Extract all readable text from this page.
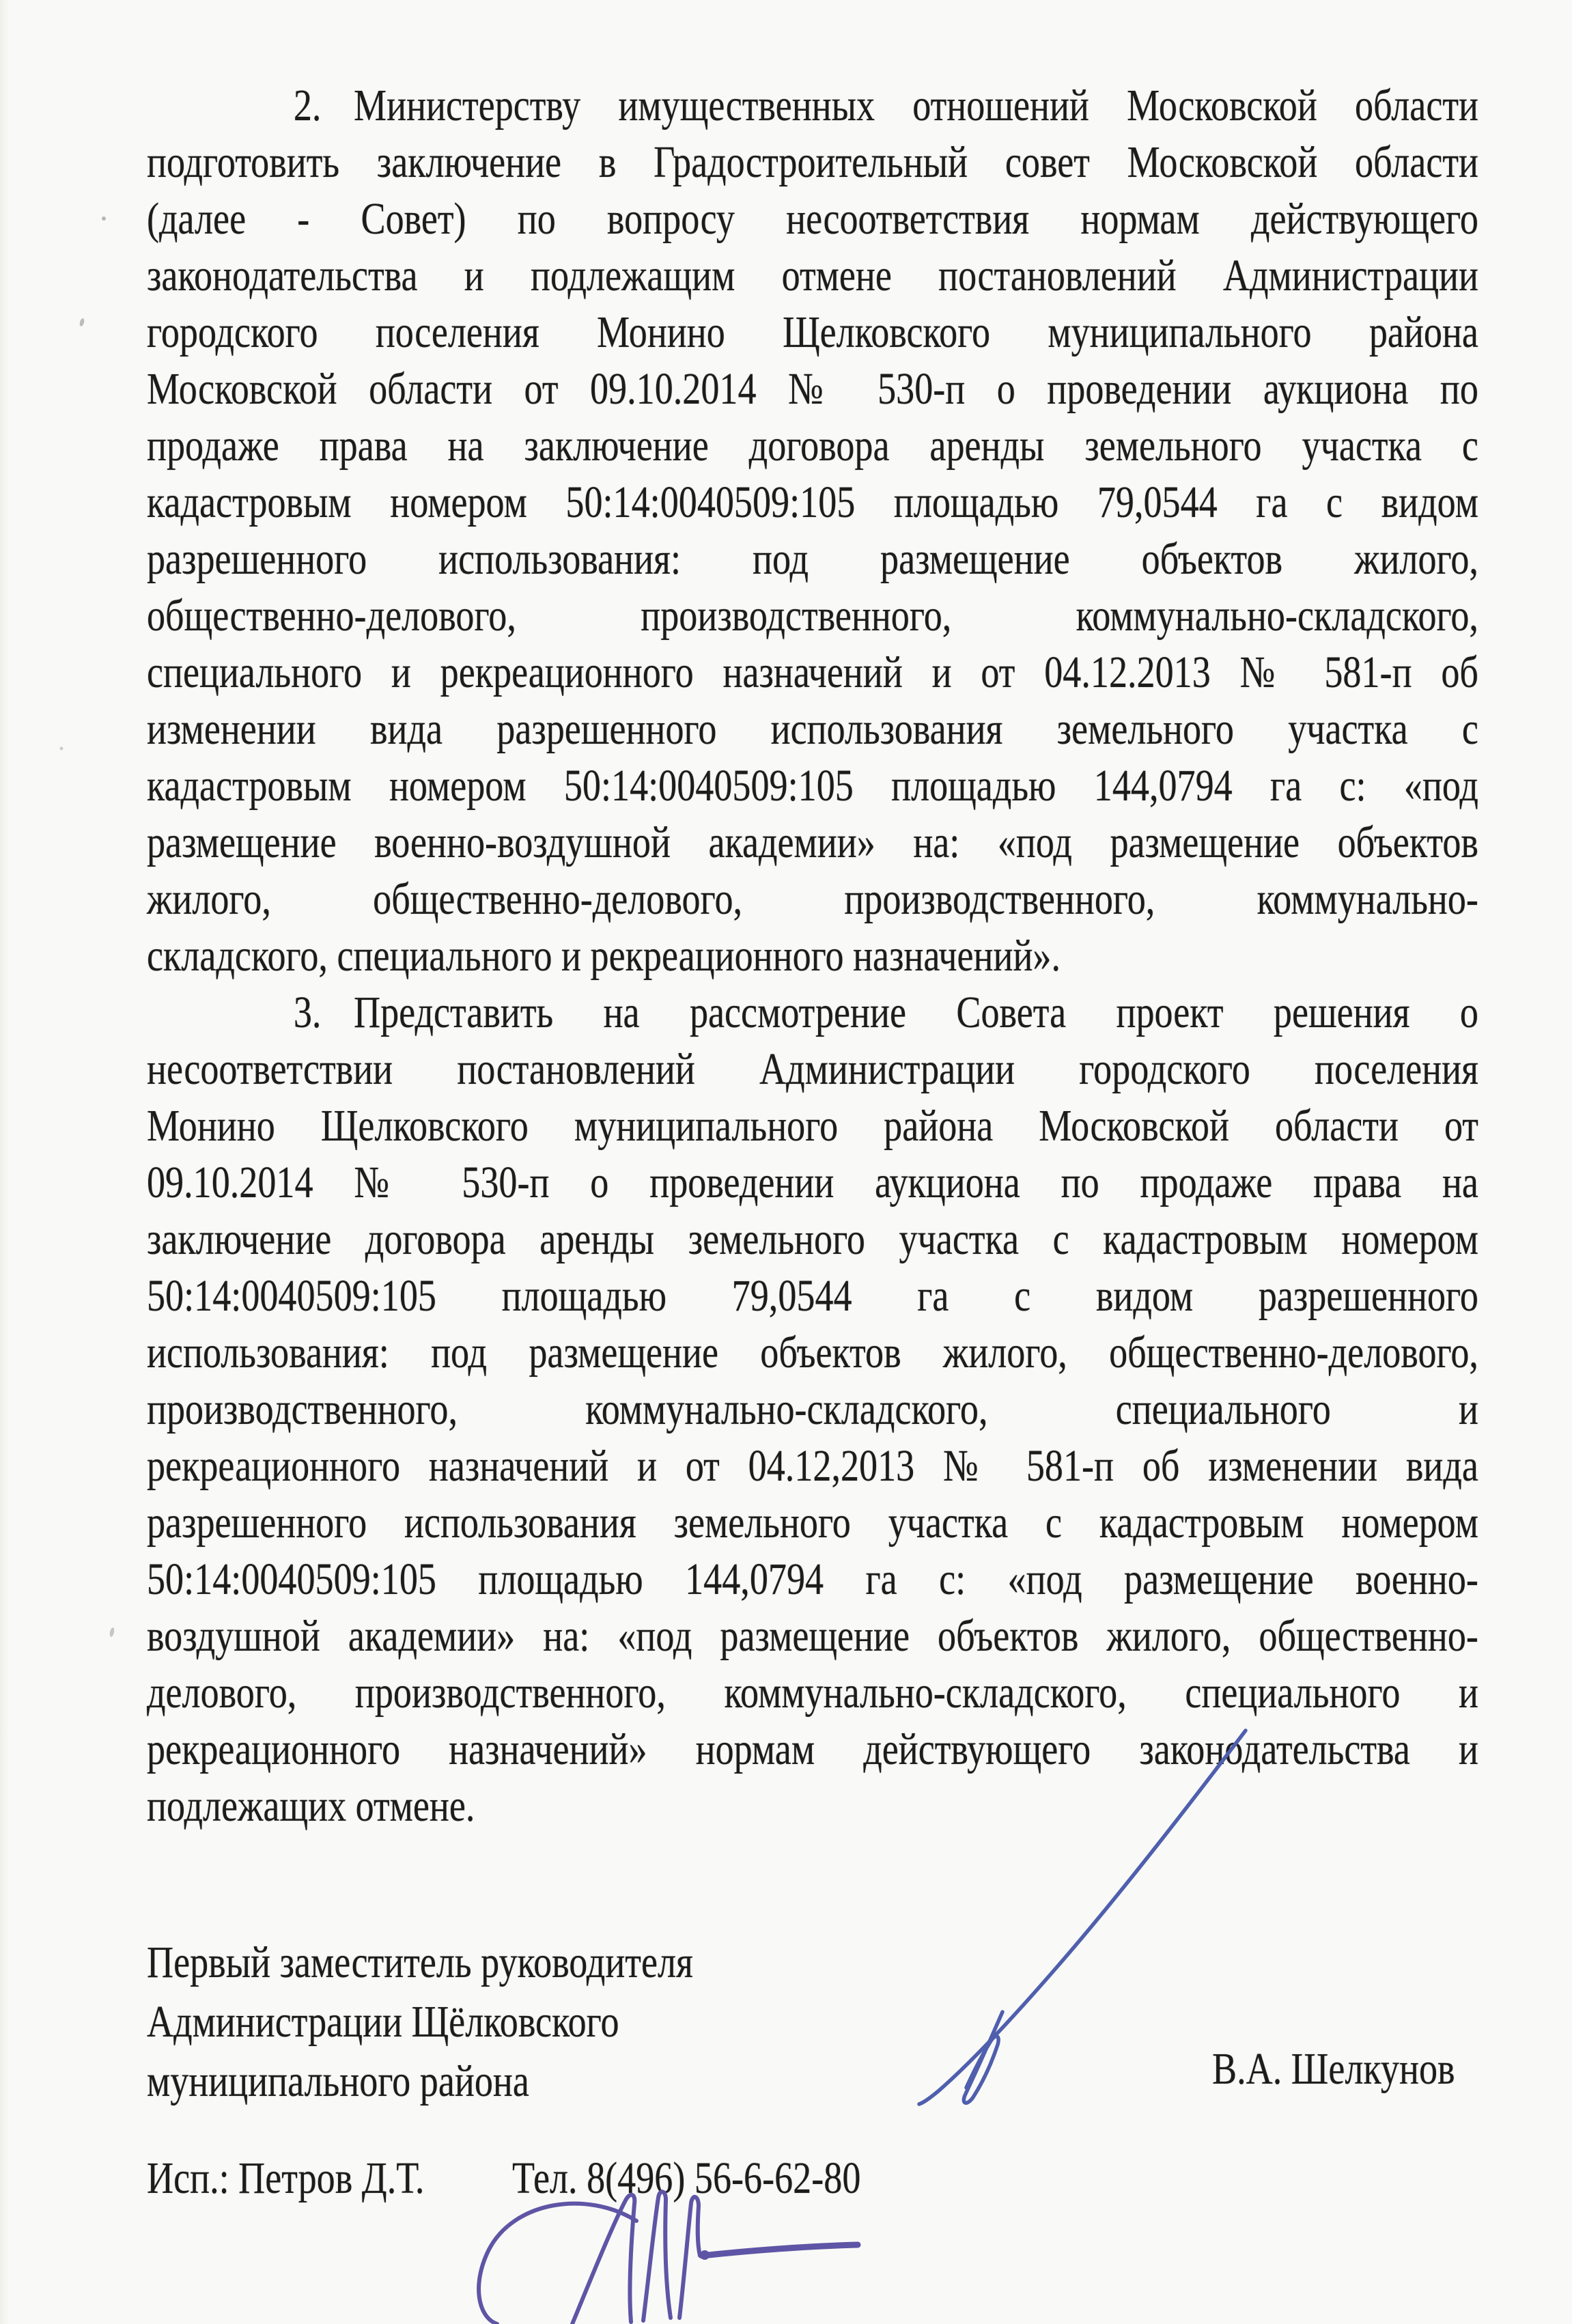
2. Министерству имущественных отношений Московской области
подготовить заключение в Градостроительный совет Московской области
(далее - Совет) по вопросу несоответствия нормам действующего
законодательства и подлежащим отмене постановлений Администрации
городского поселения Монино Щелковского муниципального района
Московской области от 09.10.2014 № 530-п о проведении аукциона по
продаже права на заключение договора аренды земельного участка с
кадастровым номером 50:14:0040509:105 площадью 79,0544 га с видом
разрешенного использования: под размещение объектов жилого,
общественно-делового, производственного, коммунально-складского,
специального и рекреационного назначений и от 04.12.2013 № 581-п об
изменении вида разрешенного использования земельного участка с
кадастровым номером 50:14:0040509:105 площадью 144,0794 га с: «под
размещение военно-воздушной академии» на: «под размещение объектов
жилого, общественно-делового, производственного, коммунально-
складского, специального и рекреационного назначений».
3. Представить на рассмотрение Совета проект решения о
несоответствии постановлений Администрации городского поселения
Монино Щелковского муниципального района Московской области от
09.10.2014 № 530-п о проведении аукциона по продаже права на
заключение договора аренды земельного участка с кадастровым номером
50:14:0040509:105 площадью 79,0544 га с видом разрешенного
использования: под размещение объектов жилого, общественно-делового,
производственного, коммунально-складского, специального и
рекреационного назначений и от 04.12,2013 № 581-п об изменении вида
разрешенного использования земельного участка с кадастровым номером
50:14:0040509:105 площадью 144,0794 га с: «под размещение военно-
воздушной академии» на: «под размещение объектов жилого, общественно-
делового, производственного, коммунально-складского, специального и
рекреационного назначений» нормам действующего законодательства и
подлежащих отмене.
Первый заместитель руководителя
Администрации Щёлковского
муниципального района	В.А. Шелкунов
Исп.: Петров Д.Т. Тел. 8(496) 56-6-62-80
